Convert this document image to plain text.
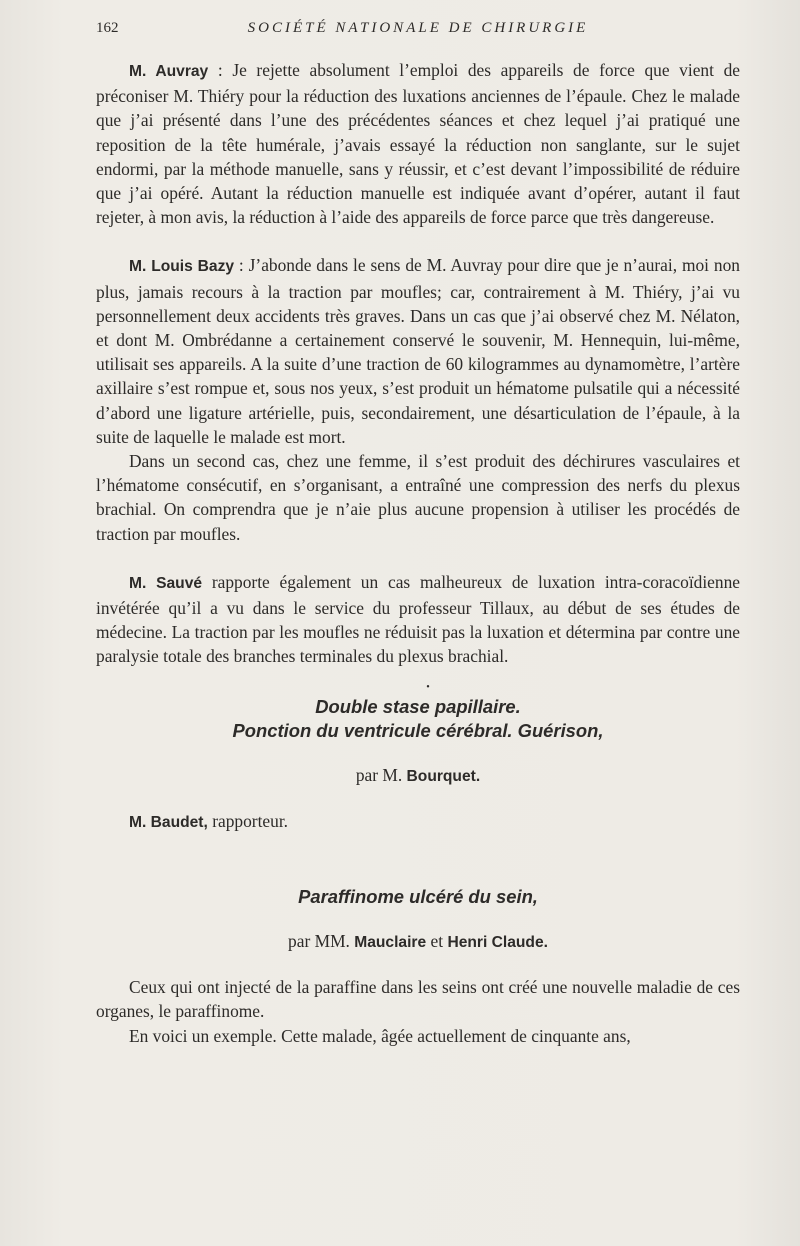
162	SOCIÉTÉ NATIONALE DE CHIRURGIE

M. Auvray : Je rejette absolument l’emploi des appareils de force que vient de préconiser M. Thiéry pour la réduction des luxations anciennes de l’épaule. Chez le malade que j’ai présenté dans l’une des précédentes séances et chez lequel j’ai pratiqué une reposition de la tête humérale, j’avais essayé la réduction non sanglante, sur le sujet endormi, par la méthode manuelle, sans y réussir, et c’est devant l’impossibilité de réduire que j’ai opéré. Autant la réduction manuelle est indiquée avant d’opérer, autant il faut rejeter, à mon avis, la réduction à l’aide des appareils de force parce que très dangereuse.

M. Louis Bazy : J’abonde dans le sens de M. Auvray pour dire que je n’aurai, moi non plus, jamais recours à la traction par moufles; car, contrairement à M. Thiéry, j’ai vu personnellement deux accidents très graves. Dans un cas que j’ai observé chez M. Nélaton, et dont M. Ombrédanne a certainement conservé le souvenir, M. Hennequin, lui-même, utilisait ses appareils. A la suite d’une traction de 60 kilogrammes au dynamomètre, l’artère axillaire s’est rompue et, sous nos yeux, s’est produit un hématome pulsatile qui a nécessité d’abord une ligature artérielle, puis, secondairement, une désarticulation de l’épaule, à la suite de laquelle le malade est mort.

Dans un second cas, chez une femme, il s’est produit des déchirures vasculaires et l’hématome consécutif, en s’organisant, a entraîné une compression des nerfs du plexus brachial. On comprendra que je n’aie plus aucune propension à utiliser les procédés de traction par moufles.

M. Sauvé rapporte également un cas malheureux de luxation intra-coracoïdienne invétérée qu’il a vu dans le service du professeur Tillaux, au début de ses études de médecine. La traction par les moufles ne réduisit pas la luxation et détermina par contre une paralysie totale des branches terminales du plexus brachial.

•

Double stase papillaire.

Ponction du ventricule cérébral. Guérison,

par M. Bourquet.

M. Baudet, rapporteur.

Paraffinome ulcéré du sein,

par MM. Mauclaire et Henri Claude.

Ceux qui ont injecté de la paraffine dans les seins ont créé une nouvelle maladie de ces organes, le paraffinome.

En voici un exemple. Cette malade, âgée actuellement de cinquante ans,
